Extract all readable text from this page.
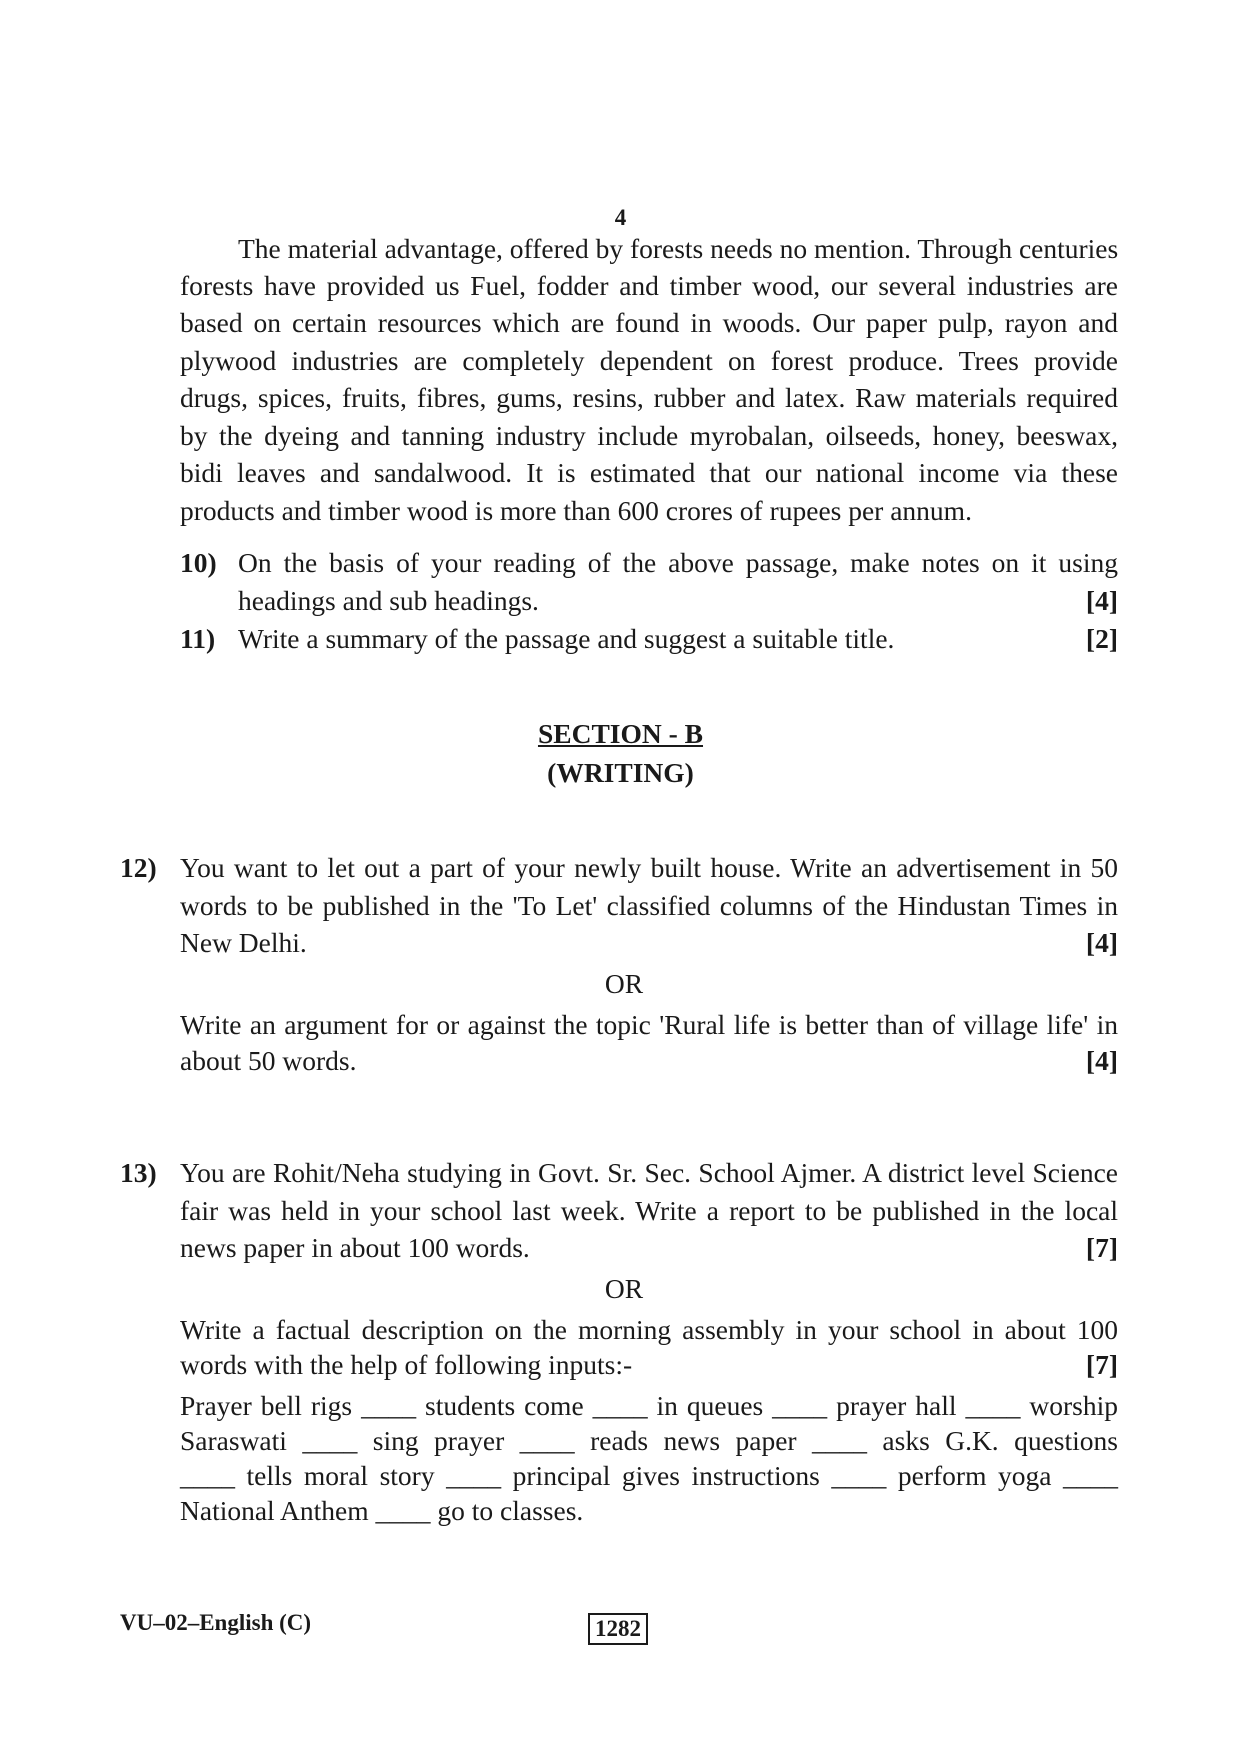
4
The material advantage, offered by forests needs no mention. Through centuries
forests have provided us Fuel, fodder and timber wood, our several industries are
based on certain resources which are found in woods. Our paper pulp, rayon and
plywood industries are completely dependent on forest produce. Trees provide
drugs, spices, fruits, fibres, gums, resins, rubber and latex. Raw materials required
by the dyeing and tanning industry include myrobalan, oilseeds, honey, beeswax,
bidi leaves and sandalwood. It is estimated that our national income via these
products and timber wood is more than 600 crores of rupees per annum.
10) On the basis of your reading of the above passage, make notes on it using
headings and sub headings.	[4]
11) Write a summary of the passage and suggest a suitable title.	[2]
SECTION - B
(WRITING)
12) You want to let out a part of your newly built house. Write an advertisement in 50
words to be published in the 'To Let' classified columns of the Hindustan Times in
New Delhi.	[4]
OR
Write an argument for or against the topic 'Rural life is better than of village life' in
about 50 words.	[4]
13) You are Rohit/Neha studying in Govt. Sr. Sec. School Ajmer. A district level Science
fair was held in your school last week. Write a report to be published in the local
news paper in about 100 words.	[7]
OR
Write a factual description on the morning assembly in your school in about 100
words with the help of following inputs:-	[7]
Prayer bell rigs ____ students come ____ in queues ____ prayer hall ____ worship
Saraswati ____ sing prayer ____ reads news paper ____ asks G.K. questions
____ tells moral story ____ principal gives instructions ____ perform yoga ____
National Anthem ____ go to classes.
VU–02–English (C)	1282
